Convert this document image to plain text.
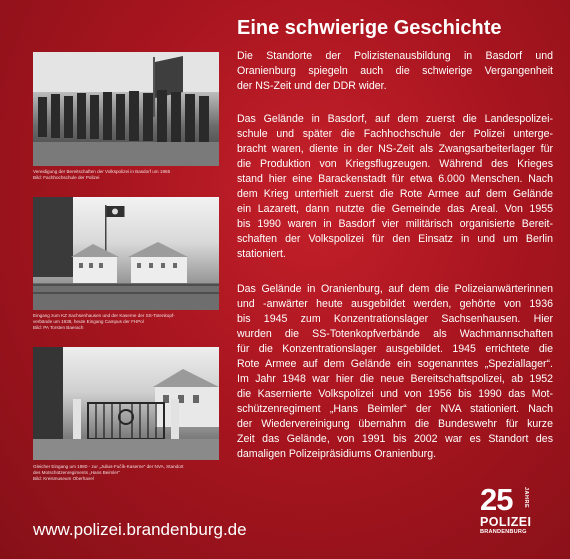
Vereidigung der Bereitschaften der Volkspolizei in Basdorf um 1965
Bild: Fachhochschule der Polizei
Eingang zum KZ Sachsenhausen und der Kaserne der SS-Totenkopf-
verbände um 1938, heute Eingang Campus der FHPol
Bild: PA Torsten Baerach
Gleicher Eingang um 1980 - zur „Julius-Fučík-Kaserne“ der NVA, Standort
des Motschützenregiments „Hans Beimler“
Bild: Kreismuseum Oberhavel
Eine schwierige Geschichte
Die Standorte der Polizistenausbildung in Basdorf und
Oranienburg spiegeln auch die schwierige Vergangenheit
der NS-Zeit und der DDR wider.
Das Gelände in Basdorf, auf dem zuerst die Landespolizei-
schule und später die Fachhochschule der Polizei unterge-
bracht waren, diente in der NS-Zeit als Zwangsarbeiterlager für
die Produktion von Kriegsflugzeugen. Während des Krieges
stand hier eine Barackenstadt für etwa 6.000 Menschen. Nach
dem Krieg unterhielt zuerst die Rote Armee auf dem Gelände
ein Lazarett, dann nutzte die Gemeinde das Areal. Von 1955
bis 1990 waren in Basdorf vier militärisch organisierte Bereit-
schaften der Volkspolizei für den Einsatz in und um Berlin
stationiert.
Das Gelände in Oranienburg, auf dem die Polizeianwärterinnen
und -anwärter heute ausgebildet werden, gehörte von 1936
bis 1945 zum Konzentrationslager Sachsenhausen. Hier
wurden die SS-Totenkopfverbände als Wachmannschaften
für die Konzentrationslager ausgebildet. 1945 errichtete die
Rote Armee auf dem Gelände ein sogenanntes „Speziallager“.
Im Jahr 1948 war hier die neue Bereitschaftspolizei, ab 1952
die Kasernierte Volkspolizei und von 1956 bis 1990 das Mot-
schützenregiment „Hans Beimler“ der NVA stationiert. Nach
der Wiedervereinigung übernahm die Bundeswehr für kurze
Zeit das Gelände, von 1991 bis 2002 war es Standort des
damaligen Polizeipräsidiums Oranienburg.
www.polizei.brandenburg.de
25 JAHRE
POLIZEI
BRANDENBURG
